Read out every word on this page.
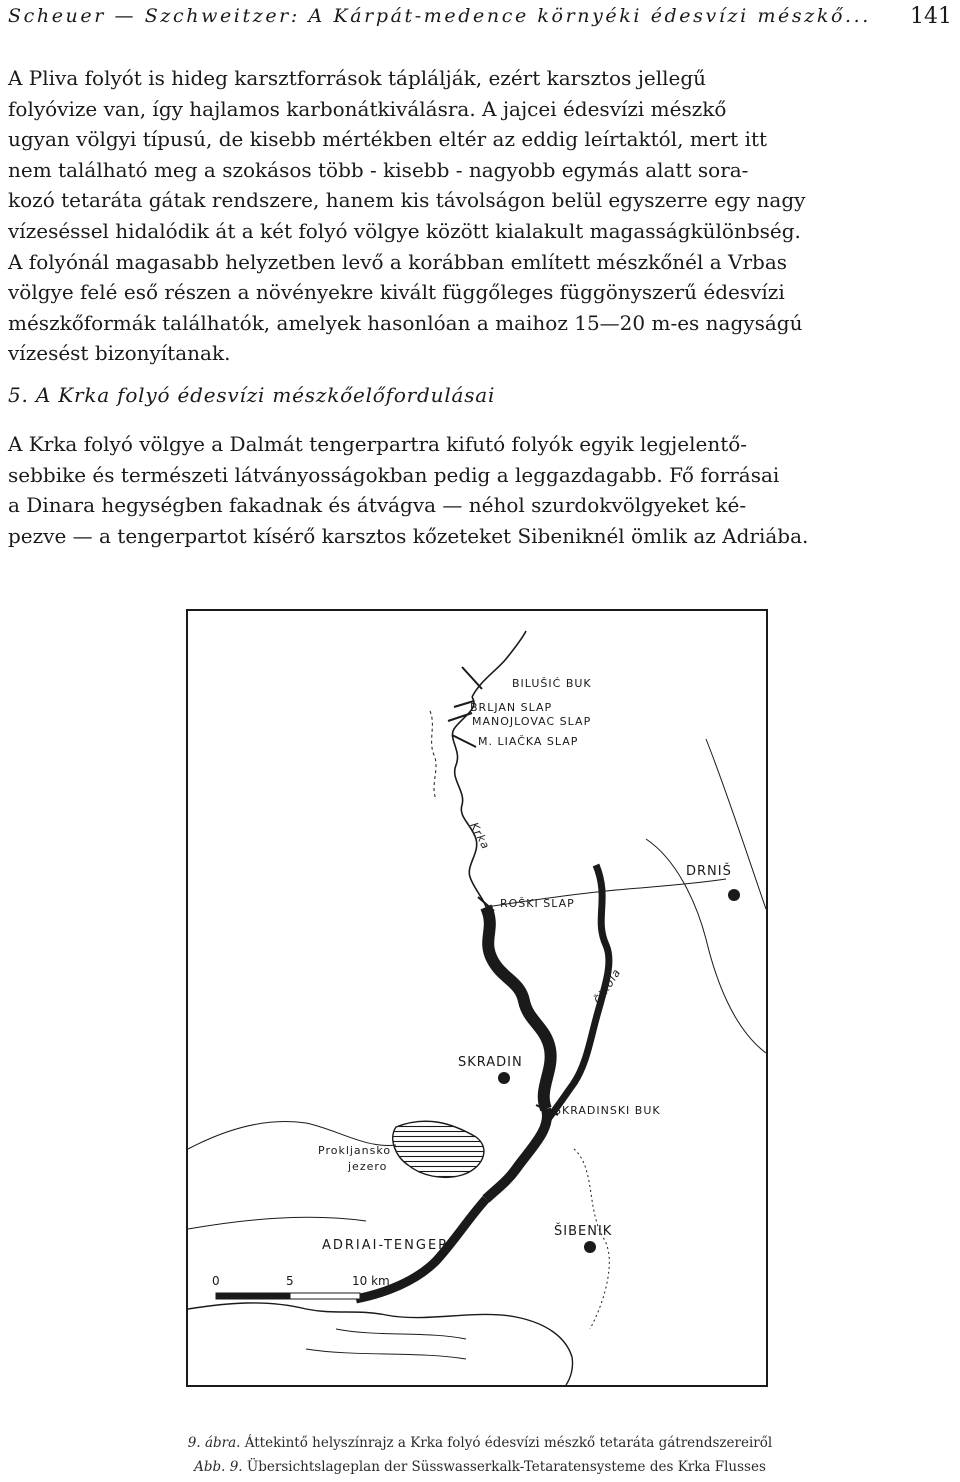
Scheuer — Szchweitzer: A Kárpát-medence környéki édesvízi mészkő... 141
A Pliva folyót is hideg karsztforrások táplálják, ezért karsztos jellegű
folyóvize van, így hajlamos karbonátkiválásra. A jajcei édesvízi mészkő
ugyan völgyi típusú, de kisebb mértékben eltér az eddig leírtaktól, mert itt
nem található meg a szokásos több - kisebb - nagyobb egymás alatt sora-
kozó tetaráta gátak rendszere, hanem kis távolságon belül egyszerre egy nagy
vízeséssel hidalódik át a két folyó völgye között kialakult magasságkülönbség.
A folyónál magasabb helyzetben levő a korábban említett mészkőnél a Vrbas
völgye felé eső részen a növényekre kivált függőleges függönyszerű édesvízi
mészkőformák találhatók, amelyek hasonlóan a maihoz 15—20 m-es nagyságú
vízesést bizonyítanak.
5. A Krka folyó édesvízi mészkőelőfordulásai
A Krka folyó völgye a Dalmát tengerpartra kifutó folyók egyik legjelentő-
sebbike és természeti látványosságokban pedig a leggazdagabb. Fő forrásai
a Dinara hegységben fakadnak és átvágva — néhol szurdokvölgyeket ké-
pezve — a tengerpartot kísérő karsztos kőzeteket Sibeniknél ömlik az Adriába.
BILUŠIĆ BUK
BRLJAN SLAP
MANOJLOVAC SLAP
M. LIAČKA SLAP
Krka
DRNIŠ
ROŠKI SLAP
Čikola
SKRADIN
SKRADINSKI BUK
Prokljansko
jezero
ŠIBENIK
ADRIAI-TENGER
0	5	10 km
9. ábra. Áttekintő helyszínrajz a Krka folyó édesvízi mészkő tetaráta gátrendszereiről
Abb. 9. Übersichtslageplan der Süsswasserkalk-Tetaratensysteme des Krka Flusses
